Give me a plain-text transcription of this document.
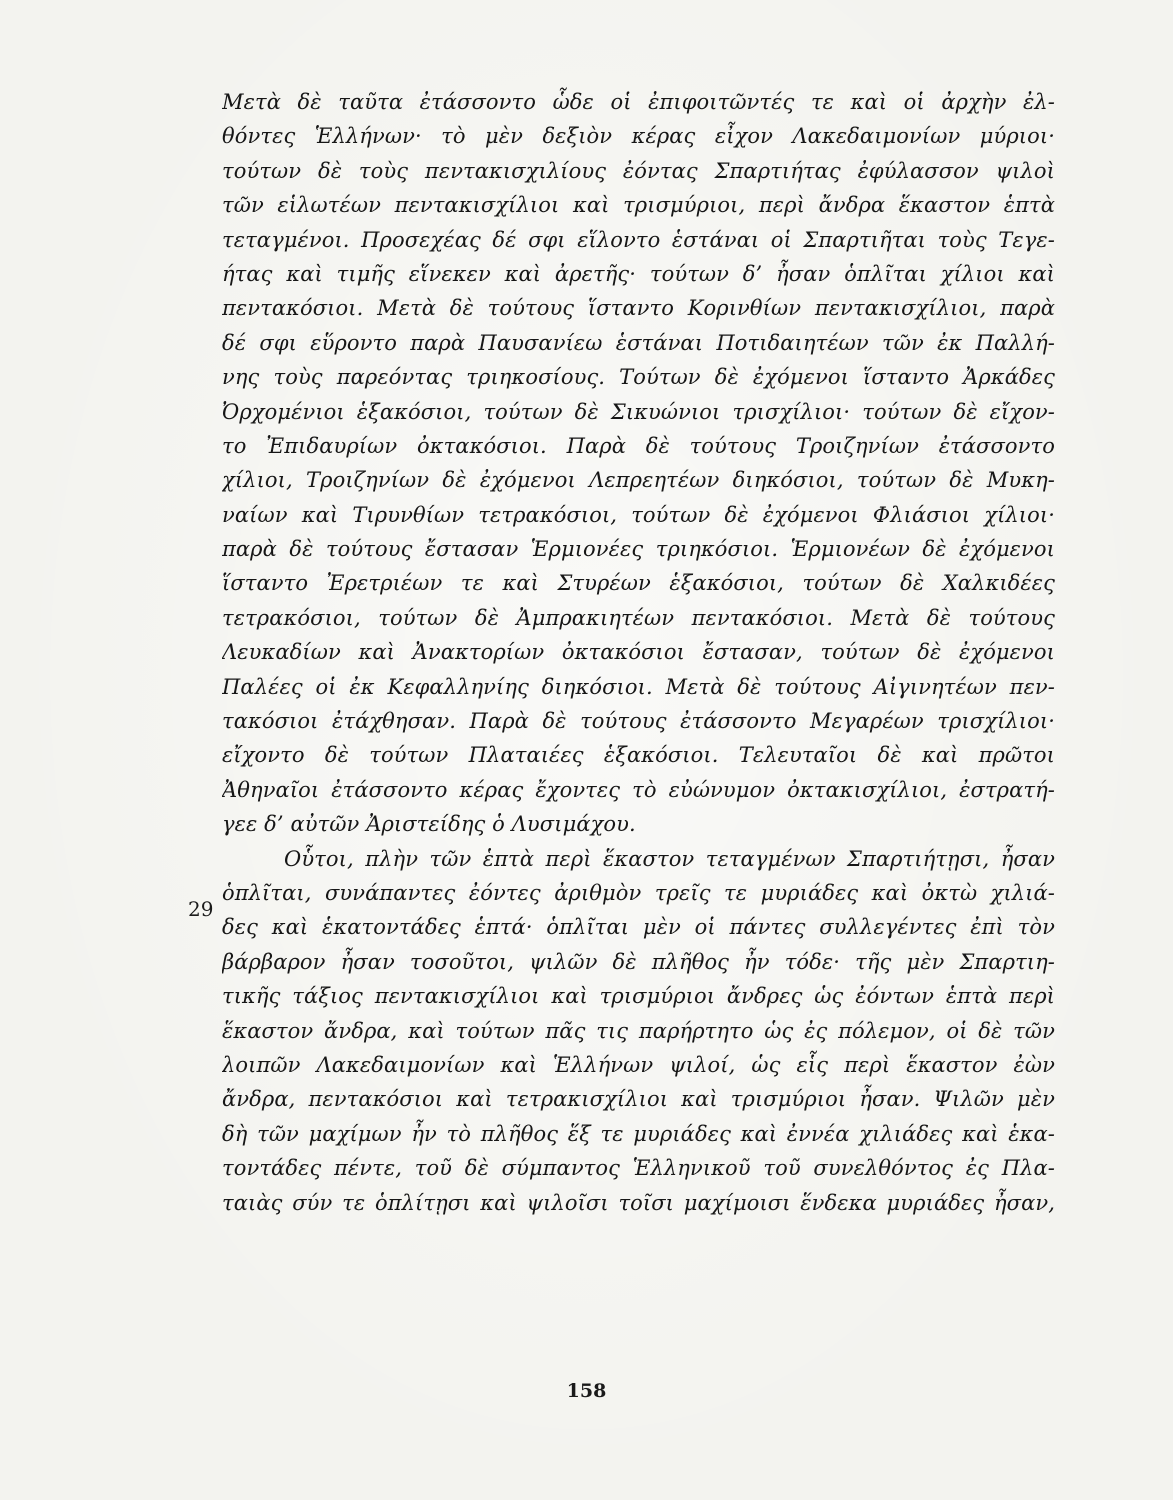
Μετὰ δὲ ταῦτα ἐτάσσοντο ὧδε οἱ ἐπιφοιτῶντές τε καὶ οἱ ἀρχὴν ἐλ-
θόντες Ἑλλήνων· τὸ μὲν δεξιὸν κέρας εἶχον Λακεδαιμονίων μύριοι·
τούτων δὲ τοὺς πεντακισχιλίους ἐόντας Σπαρτιήτας ἐφύλασσον ψιλοὶ
τῶν εἱλωτέων πεντακισχίλιοι καὶ τρισμύριοι, περὶ ἄνδρα ἕκαστον ἑπτὰ
τεταγμένοι. Προσεχέας δέ σφι εἵλοντο ἑστάναι οἱ Σπαρτιῆται τοὺς Τεγε-
ήτας καὶ τιμῆς εἵνεκεν καὶ ἀρετῆς· τούτων δ’ ἦσαν ὁπλῖται χίλιοι καὶ
πεντακόσιοι. Μετὰ δὲ τούτους ἵσταντο Κορινθίων πεντακισχίλιοι, παρὰ
δέ σφι εὕροντο παρὰ Παυσανίεω ἑστάναι Ποτιδαιητέων τῶν ἐκ Παλλή-
νης τοὺς παρεόντας τριηκοσίους. Τούτων δὲ ἐχόμενοι ἵσταντο Ἀρκάδες
Ὀρχομένιοι ἑξακόσιοι, τούτων δὲ Σικυώνιοι τρισχίλιοι· τούτων δὲ εἴχον-
το Ἐπιδαυρίων ὀκτακόσιοι. Παρὰ δὲ τούτους Τροιζηνίων ἐτάσσοντο
χίλιοι, Τροιζηνίων δὲ ἐχόμενοι Λεπρεητέων διηκόσιοι, τούτων δὲ Μυκη-
ναίων καὶ Τιρυνθίων τετρακόσιοι, τούτων δὲ ἐχόμενοι Φλιάσιοι χίλιοι·
παρὰ δὲ τούτους ἔστασαν Ἑρμιονέες τριηκόσιοι. Ἑρμιονέων δὲ ἐχόμενοι
ἵσταντο Ἐρετριέων τε καὶ Στυρέων ἑξακόσιοι, τούτων δὲ Χαλκιδέες
τετρακόσιοι, τούτων δὲ Ἀμπρακιητέων πεντακόσιοι. Μετὰ δὲ τούτους
Λευκαδίων καὶ Ἀνακτορίων ὀκτακόσιοι ἔστασαν, τούτων δὲ ἐχόμενοι
Παλέες οἱ ἐκ Κεφαλληνίης διηκόσιοι. Μετὰ δὲ τούτους Αἰγινητέων πεν-
τακόσιοι ἐτάχθησαν. Παρὰ δὲ τούτους ἐτάσσοντο Μεγαρέων τρισχίλιοι·
εἴχοντο δὲ τούτων Πλαταιέες ἑξακόσιοι. Τελευταῖοι δὲ καὶ πρῶτοι
Ἀθηναῖοι ἐτάσσοντο κέρας ἔχοντες τὸ εὐώνυμον ὀκτακισχίλιοι, ἐστρατή-
γεε δ’ αὐτῶν Ἀριστείδης ὁ Λυσιμάχου.
Οὗτοι, πλὴν τῶν ἑπτὰ περὶ ἕκαστον τεταγμένων Σπαρτιήτῃσι, ἦσαν
ὁπλῖται, συνάπαντες ἐόντες ἀριθμὸν τρεῖς τε μυριάδες καὶ ὀκτὼ χιλιά-
δες καὶ ἑκατοντάδες ἑπτά· ὁπλῖται μὲν οἱ πάντες συλλεγέντες ἐπὶ τὸν
βάρβαρον ἦσαν τοσοῦτοι, ψιλῶν δὲ πλῆθος ἦν τόδε· τῆς μὲν Σπαρτιη-
τικῆς τάξιος πεντακισχίλιοι καὶ τρισμύριοι ἄνδρες ὡς ἐόντων ἑπτὰ περὶ
ἕκαστον ἄνδρα, καὶ τούτων πᾶς τις παρήρτητο ὡς ἐς πόλεμον, οἱ δὲ τῶν
λοιπῶν Λακεδαιμονίων καὶ Ἑλλήνων ψιλοί, ὡς εἷς περὶ ἕκαστον ἐὼν
ἄνδρα, πεντακόσιοι καὶ τετρακισχίλιοι καὶ τρισμύριοι ἦσαν. Ψιλῶν μὲν
δὴ τῶν μαχίμων ἦν τὸ πλῆθος ἕξ τε μυριάδες καὶ ἐννέα χιλιάδες καὶ ἑκα-
τοντάδες πέντε, τοῦ δὲ σύμπαντος Ἑλληνικοῦ τοῦ συνελθόντος ἐς Πλα-
ταιὰς σύν τε ὁπλίτῃσι καὶ ψιλοῖσι τοῖσι μαχίμοισι ἕνδεκα μυριάδες ἦσαν,
29
158
